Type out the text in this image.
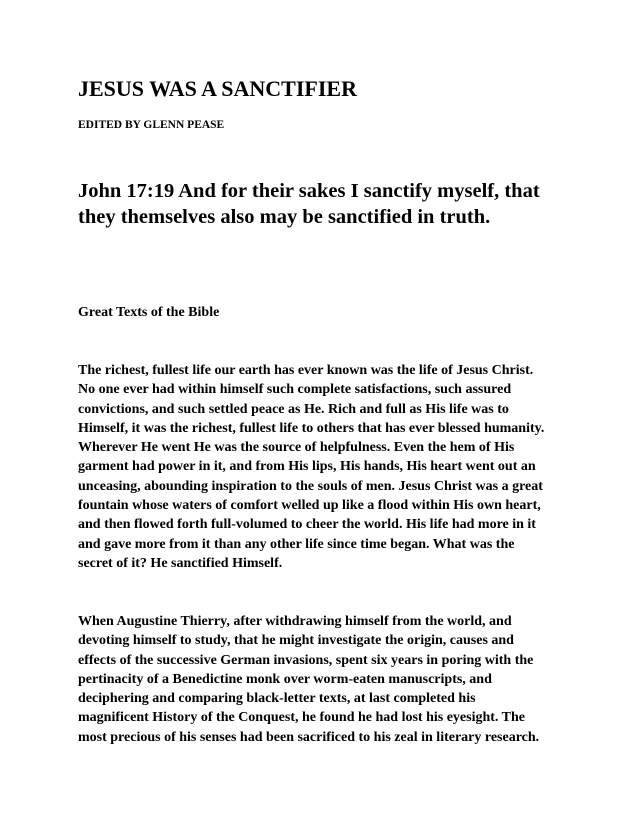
JESUS WAS A SANCTIFIER
EDITED BY GLENN PEASE
John 17:19 And for their sakes I sanctify myself, that
they themselves also may be sanctified in truth.
Great Texts of the Bible
The richest, fullest life our earth has ever known was the life of Jesus Christ.
No one ever had within himself such complete satisfactions, such assured
convictions, and such settled peace as He. Rich and full as His life was to
Himself, it was the richest, fullest life to others that has ever blessed humanity.
Wherever He went He was the source of helpfulness. Even the hem of His
garment had power in it, and from His lips, His hands, His heart went out an
unceasing, abounding inspiration to the souls of men. Jesus Christ was a great
fountain whose waters of comfort welled up like a flood within His own heart,
and then flowed forth full-volumed to cheer the world. His life had more in it
and gave more from it than any other life since time began. What was the
secret of it? He sanctified Himself.
When Augustine Thierry, after withdrawing himself from the world, and
devoting himself to study, that he might investigate the origin, causes and
effects of the successive German invasions, spent six years in poring with the
pertinacity of a Benedictine monk over worm-eaten manuscripts, and
deciphering and comparing black-letter texts, at last completed his
magnificent History of the Conquest, he found he had lost his eyesight. The
most precious of his senses had been sacrificed to his zeal in literary research.
